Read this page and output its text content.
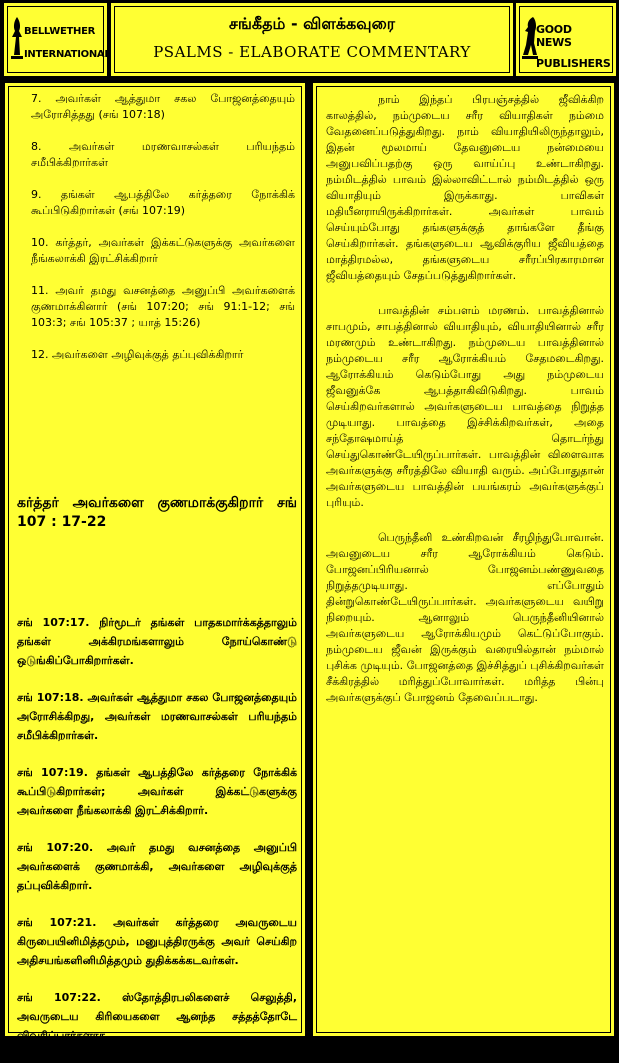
BELLWETHER
INTERNATIONAL
சங்கீதம் - விளக்கவுரை
PSALMS - ELABORATE COMMENTARY
GOOD NEWS
PUBLISHERS
7. அவர்கள் ஆத்துமா சகல போஜனத்தையும் அரோசித்தது (சங் 107:18)
8. அவர்கள் மரணவாசல்கள் பரியந்தம் சமீபிக்கிறார்கள்
9. தங்கள் ஆபத்திலே கர்த்தரை நோக்கிக் கூப்பிடுகிறார்கள் (சங் 107:19)
10. கர்த்தர், அவர்கள் இக்கட்டுகளுக்கு அவர்களை நீங்கலாக்கி இரட்சிக்கிறார்
11. அவர் தமது வசனத்தை அனுப்பி அவர்களைக் குணமாக்கினார் (சங் 107:20; சங் 91:1-12; சங் 103:3; சங் 105:37 ; யாத் 15:26)
12. அவர்களை அழிவுக்குத் தப்புவிக்கிறார்
கர்த்தர் அவர்களை குணமாக்குகிறார் சங் 107 : 17-22
சங் 107:17. நிர்மூடர் தங்கள் பாதகமார்க்கத்தாலும் தங்கள் அக்கிரமங்களாலும் நோய்கொண்டு ஒடுங்கிப்போகிறார்கள்.
சங் 107:18. அவர்கள் ஆத்துமா சகல போஜனத்தையும் அரோசிக்கிறது, அவர்கள் மரணவாசல்கள் பரியந்தம் சமீபிக்கிறார்கள்.
சங் 107:19. தங்கள் ஆபத்திலே கர்த்தரை நோக்கிக் கூப்பிடுகிறார்கள்; அவர்கள் இக்கட்டுகளுக்கு அவர்களை நீங்கலாக்கி இரட்சிக்கிறார்.
சங் 107:20. அவர் தமது வசனத்தை அனுப்பி அவர்களைக் குணமாக்கி, அவர்களை அழிவுக்குத் தப்புவிக்கிறார்.
சங் 107:21. அவர்கள் கர்த்தரை அவருடைய கிருபையினிமித்தமும், மனுபுத்திரருக்கு அவர் செய்கிற அதிசயங்களினிமித்தமும் துதிக்கக்கடவர்கள்.
சங் 107:22. ஸ்தோத்திரபலிகளைச் செலுத்தி, அவருடைய கிரியைகளை ஆனந்த சத்தத்தோடே விவரிப்பார்களாக.
நாம் இந்தப் பிரபஞ்சத்தில் ஜீவிக்கிற காலத்தில், நம்முடைய சரீர வியாதிகள் நம்மை வேதனைப்படுத்துகிறது. நாம் வியாதியிலிருந்தாலும், இதன் மூலமாய் தேவனுடைய நன்மையை அனுபவிப்பதற்கு ஒரு வாய்ப்பு உண்டாகிறது. நம்மிடத்தில் பாவம் இல்லாவிட்டால் நம்மிடத்தில் ஒரு வியாதியும் இருக்காது. பாவிகள் மதியீனராயிருக்கிறார்கள். அவர்கள் பாவம் செய்யும்போது தங்களுக்குத் தாங்களே தீங்கு செய்கிறார்கள். தங்களுடைய ஆவிக்குரிய ஜீவியத்தை மாத்திரமல்ல, தங்களுடைய சரீரப்பிரகாரமான ஜீவியத்தையும் சேதப்படுத்துகிறார்கள்.
பாவத்தின் சம்பளம் மரணம். பாவத்தினால் சாபமும், சாபத்தினால் வியாதியும், வியாதியினால் சரீர மரணமும் உண்டாகிறது. நம்முடைய பாவத்தினால் நம்முடைய சரீர ஆரோக்கியம் சேதமடைகிறது. ஆரோக்கியம் கெடும்போது அது நம்முடைய ஜீவனுக்கே ஆபத்தாகிவிடுகிறது. பாவம் செய்கிறவர்களால் அவர்களுடைய பாவத்தை நிறுத்த முடியாது. பாவத்தை இச்சிக்கிறவர்கள், அதை சந்தோஷமாய்த் தொடர்ந்து செய்துகொண்டேயிருப்பார்கள். பாவத்தின் விளைவாக அவர்களுக்கு சரீரத்திலே வியாதி வரும். அப்போதுதான் அவர்களுடைய பாவத்தின் பயங்கரம் அவர்களுக்குப் புரியும்.
பெருந்தீனி உண்கிறவன் சீரழிந்துபோவான். அவனுடைய சரீர ஆரோக்கியம் கெடும். போஜனப்பிரியனால் போஜனம்பண்ணுவதை நிறுத்தமுடியாது. எப்போதும் தின்றுகொண்டேயிருப்பார்கள். அவர்களுடைய வயிறு நிறையும். ஆனாலும் பெருந்தீனியினால் அவர்களுடைய ஆரோக்கியமும் கெட்டுப்போகும். நம்முடைய ஜீவன் இருக்கும் வரையில்தான் நம்மால் புசிக்க முடியும். போஜனத்தை இச்சித்துப் புசிக்கிறவர்கள் சீக்கிரத்தில் மரித்துப்போவார்கள். மரித்த பின்பு அவர்களுக்குப் போஜனம் தேவைப்படாது.
